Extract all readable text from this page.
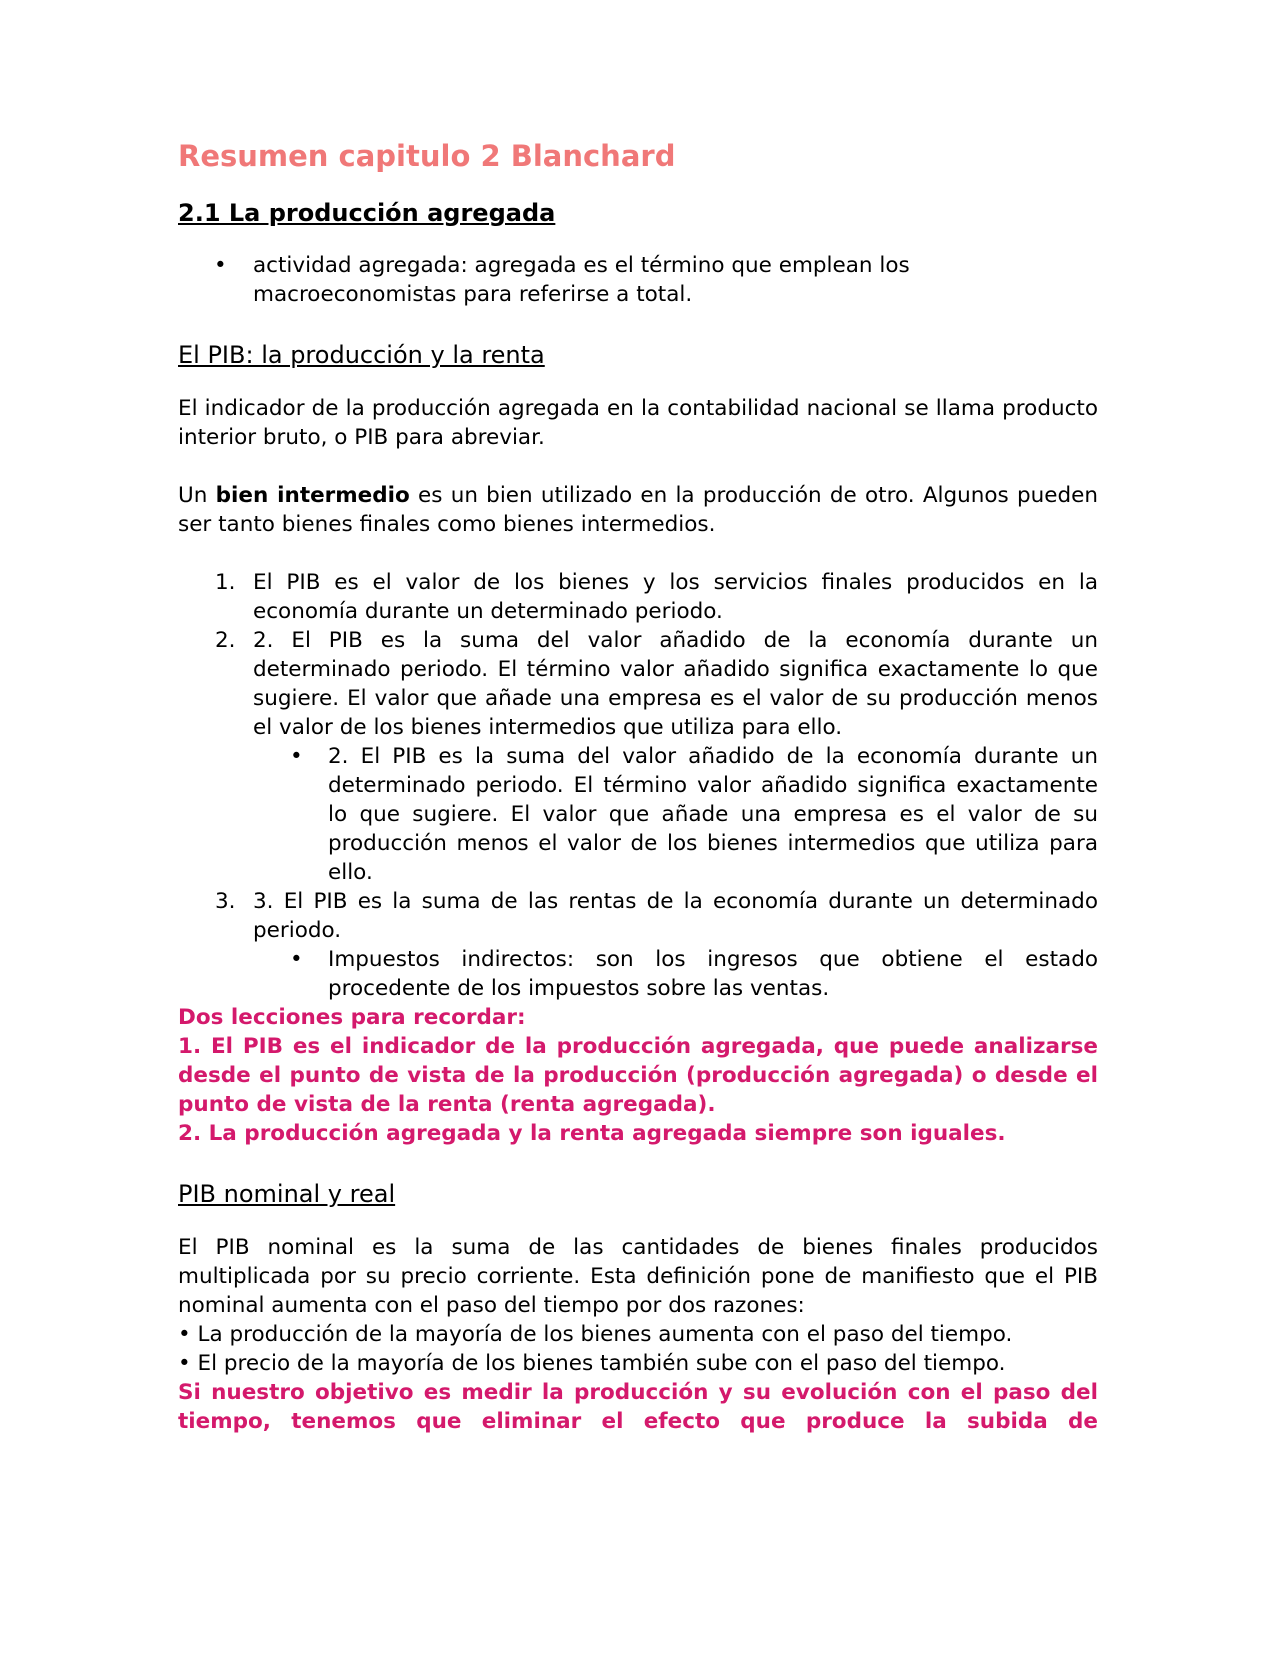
Resumen capitulo 2 Blanchard
2.1 La producción agregada
• actividad agregada: agregada es el término que emplean los macroeconomistas para referirse a total.
El PIB: la producción y la renta

El indicador de la producción agregada en la contabilidad nacional se llama producto interior bruto, o PIB para abreviar.

Un bien intermedio es un bien utilizado en la producción de otro. Algunos pueden ser tanto bienes finales como bienes intermedios.

1. El PIB es el valor de los bienes y los servicios finales producidos en la economía durante un determinado periodo.
2. 2. El PIB es la suma del valor añadido de la economía durante un determinado periodo. El término valor añadido significa exactamente lo que sugiere. El valor que añade una empresa es el valor de su producción menos el valor de los bienes intermedios que utiliza para ello.
• 2. El PIB es la suma del valor añadido de la economía durante un determinado periodo. El término valor añadido significa exactamente lo que sugiere. El valor que añade una empresa es el valor de su producción menos el valor de los bienes intermedios que utiliza para ello.
3. 3. El PIB es la suma de las rentas de la economía durante un determinado periodo.
• Impuestos indirectos: son los ingresos que obtiene el estado procedente de los impuestos sobre las ventas.

Dos lecciones para recordar:

1. El PIB es el indicador de la producción agregada, que puede analizarse desde el punto de vista de la producción (producción agregada) o desde el punto de vista de la renta (renta agregada).

2. La producción agregada y la renta agregada siempre son iguales.

PIB nominal y real

El PIB nominal es la suma de las cantidades de bienes finales producidos multiplicada por su precio corriente. Esta definición pone de manifiesto que el PIB nominal aumenta con el paso del tiempo por dos razones:

• La producción de la mayoría de los bienes aumenta con el paso del tiempo.

• El precio de la mayoría de los bienes también sube con el paso del tiempo.

Si nuestro objetivo es medir la producción y su evolución con el paso del tiempo, tenemos que eliminar el efecto que produce la subida de
